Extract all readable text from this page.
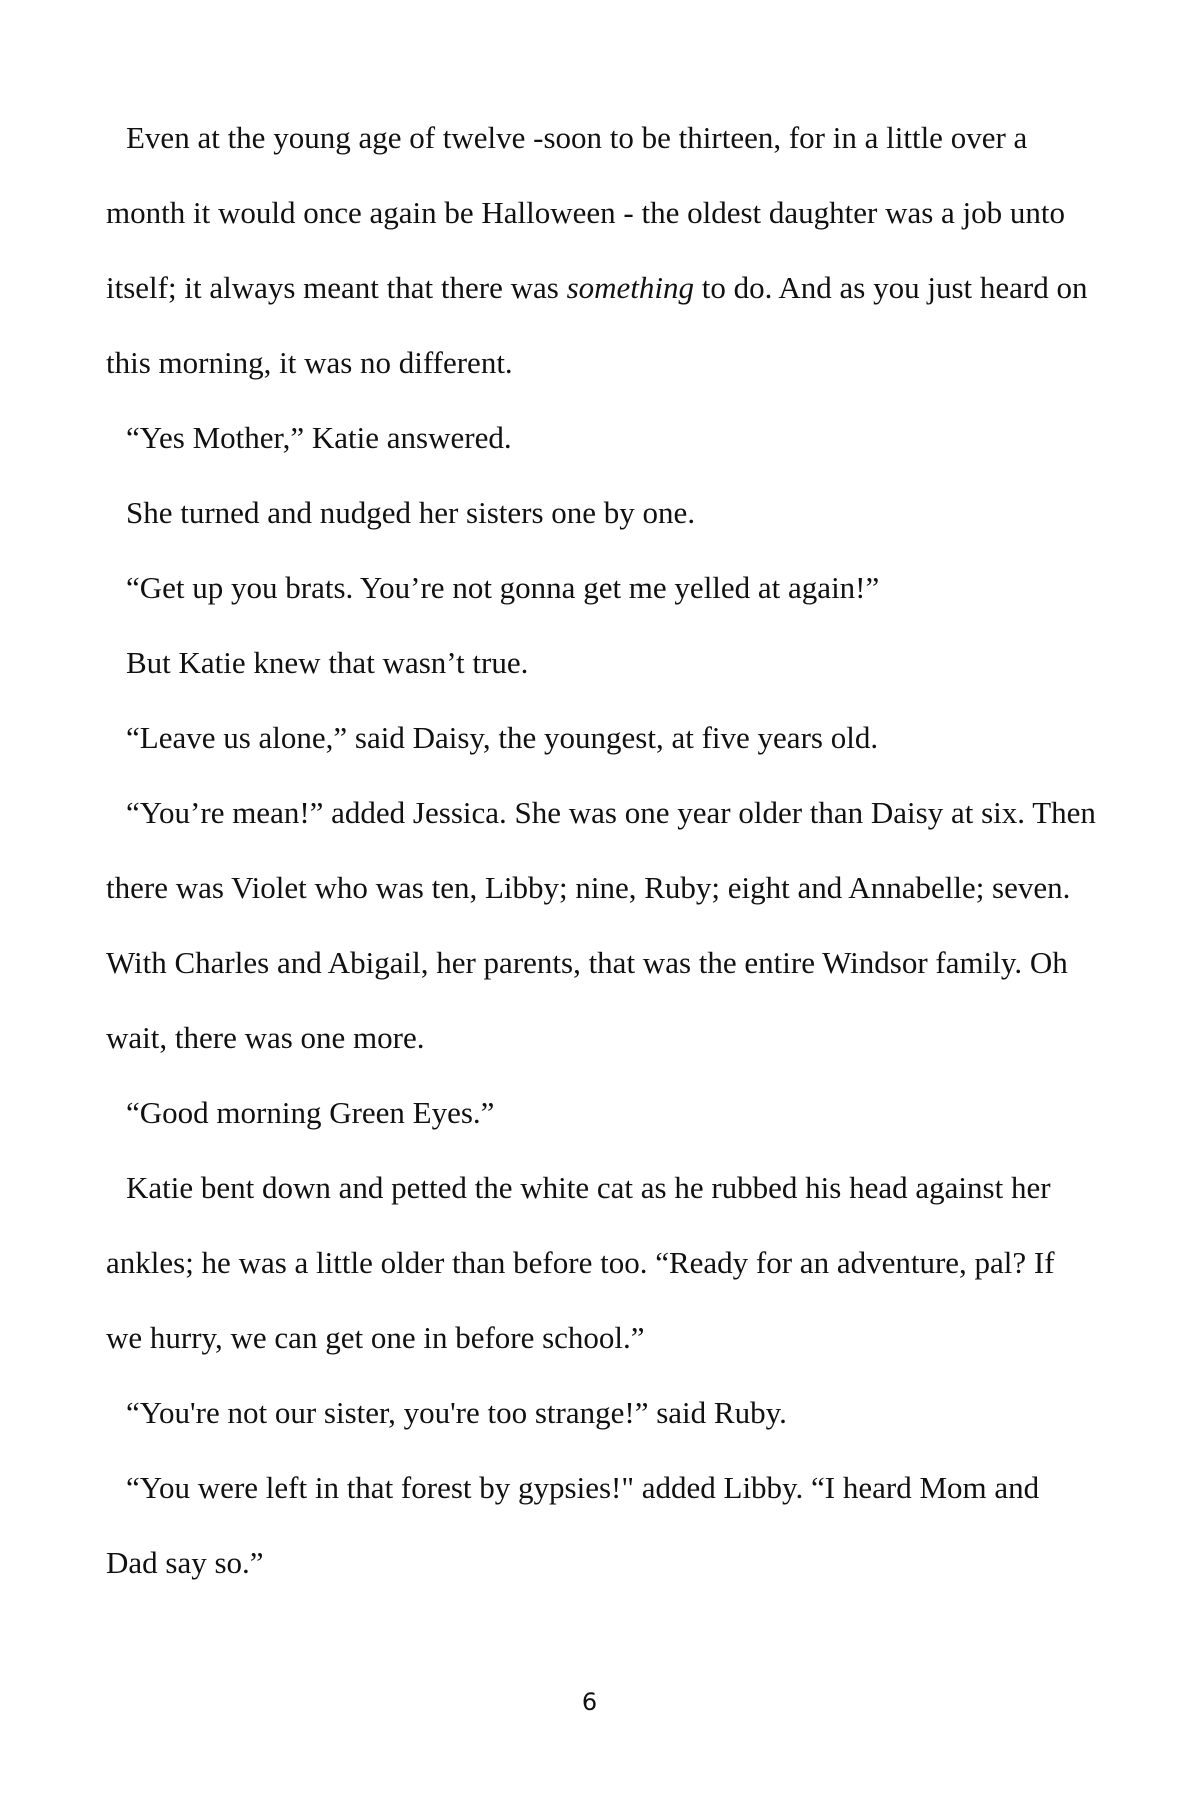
Even at the young age of twelve -soon to be thirteen, for in a little over a month it would once again be Halloween - the oldest daughter was a job unto itself; it always meant that there was something to do. And as you just heard on this morning, it was no different.

“Yes Mother,” Katie answered.

She turned and nudged her sisters one by one.

“Get up you brats. You’re not gonna get me yelled at again!”

But Katie knew that wasn’t true.

“Leave us alone,” said Daisy, the youngest, at five years old.

“You’re mean!” added Jessica. She was one year older than Daisy at six. Then there was Violet who was ten, Libby; nine, Ruby; eight and Annabelle; seven. With Charles and Abigail, her parents, that was the entire Windsor family. Oh wait, there was one more.

“Good morning Green Eyes.”

Katie bent down and petted the white cat as he rubbed his head against her ankles; he was a little older than before too. “Ready for an adventure, pal? If we hurry, we can get one in before school.”

“You're not our sister, you're too strange!” said Ruby.

“You were left in that forest by gypsies!" added Libby. “I heard Mom and Dad say so.”

6
